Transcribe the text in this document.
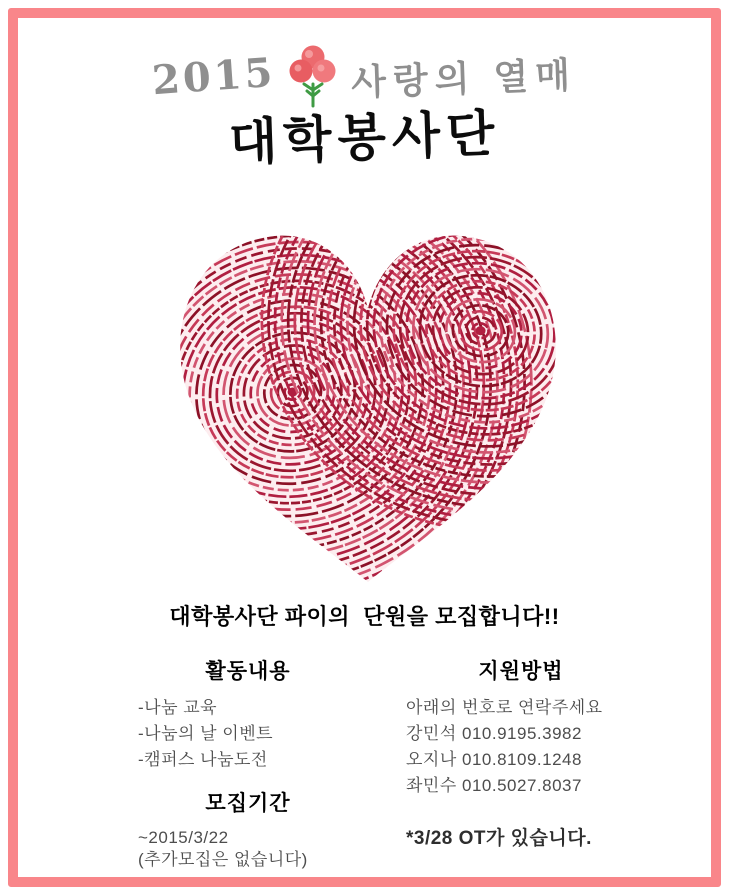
2015 사랑의 열매
대학봉사단
대학봉사단 파이의  단원을 모집합니다!!
활동내용
-나눔 교육
-나눔의 날 이벤트
-캠퍼스 나눔도전
모집기간
~2015/3/22
(추가모집은 없습니다)
지원방법
아래의 번호로 연락주세요
강민석 010.9195.3982
오지나 010.8109.1248
좌민수 010.5027.8037
*3/28 OT가 있습니다.
